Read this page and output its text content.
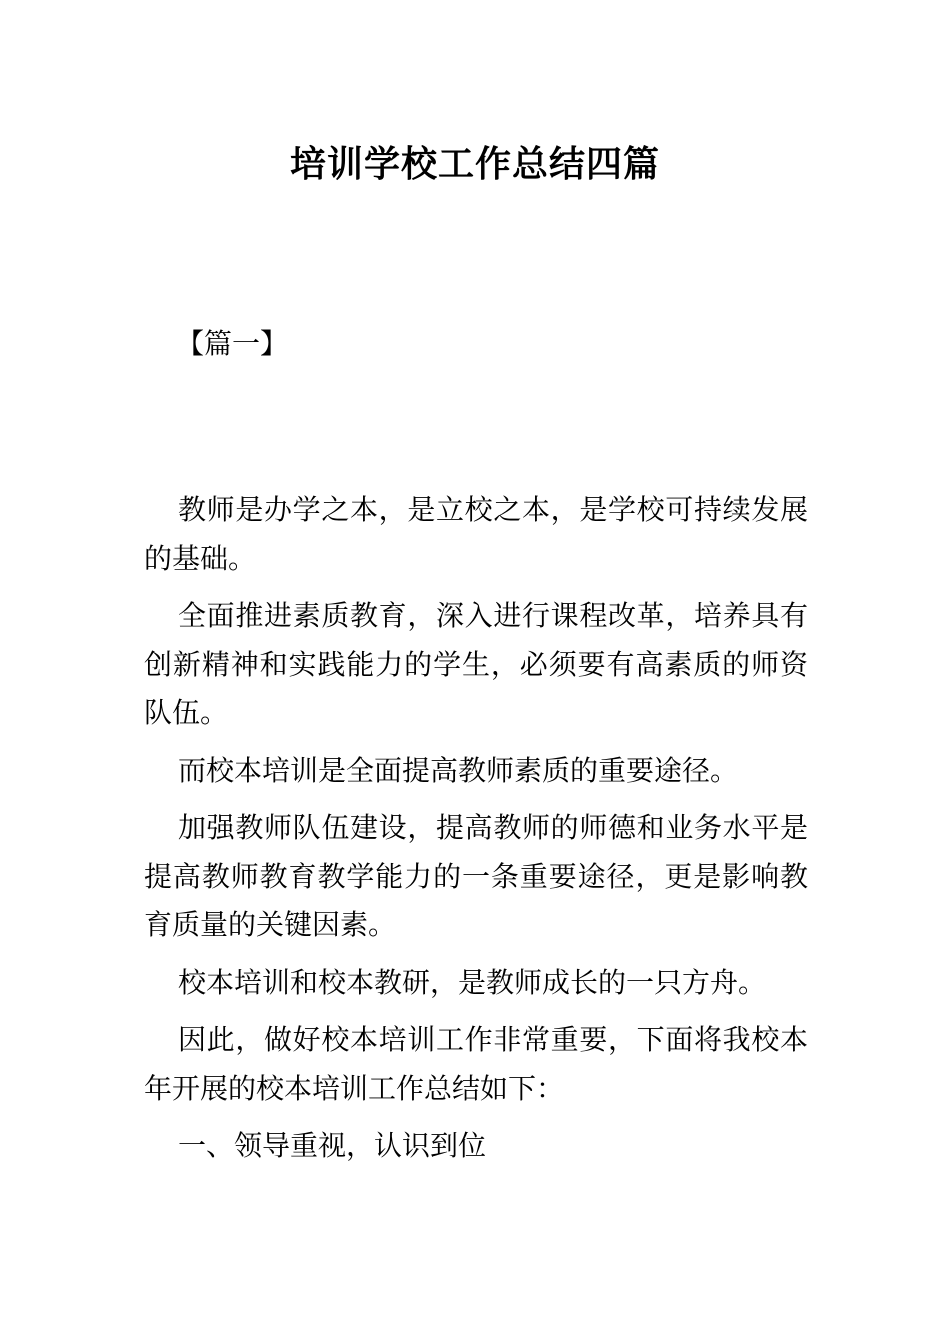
培训学校工作总结四篇
【篇一】

教师是办学之本，是立校之本，是学校可持续发展的基础。

全面推进素质教育，深入进行课程改革，培养具有创新精神和实践能力的学生，必须要有高素质的师资队伍。

而校本培训是全面提高教师素质的重要途径。

加强教师队伍建设，提高教师的师德和业务水平是提高教师教育教学能力的一条重要途径，更是影响教育质量的关键因素。

校本培训和校本教研，是教师成长的一只方舟。

因此，做好校本培训工作非常重要，下面将我校本年开展的校本培训工作总结如下：

一、领导重视，认识到位
